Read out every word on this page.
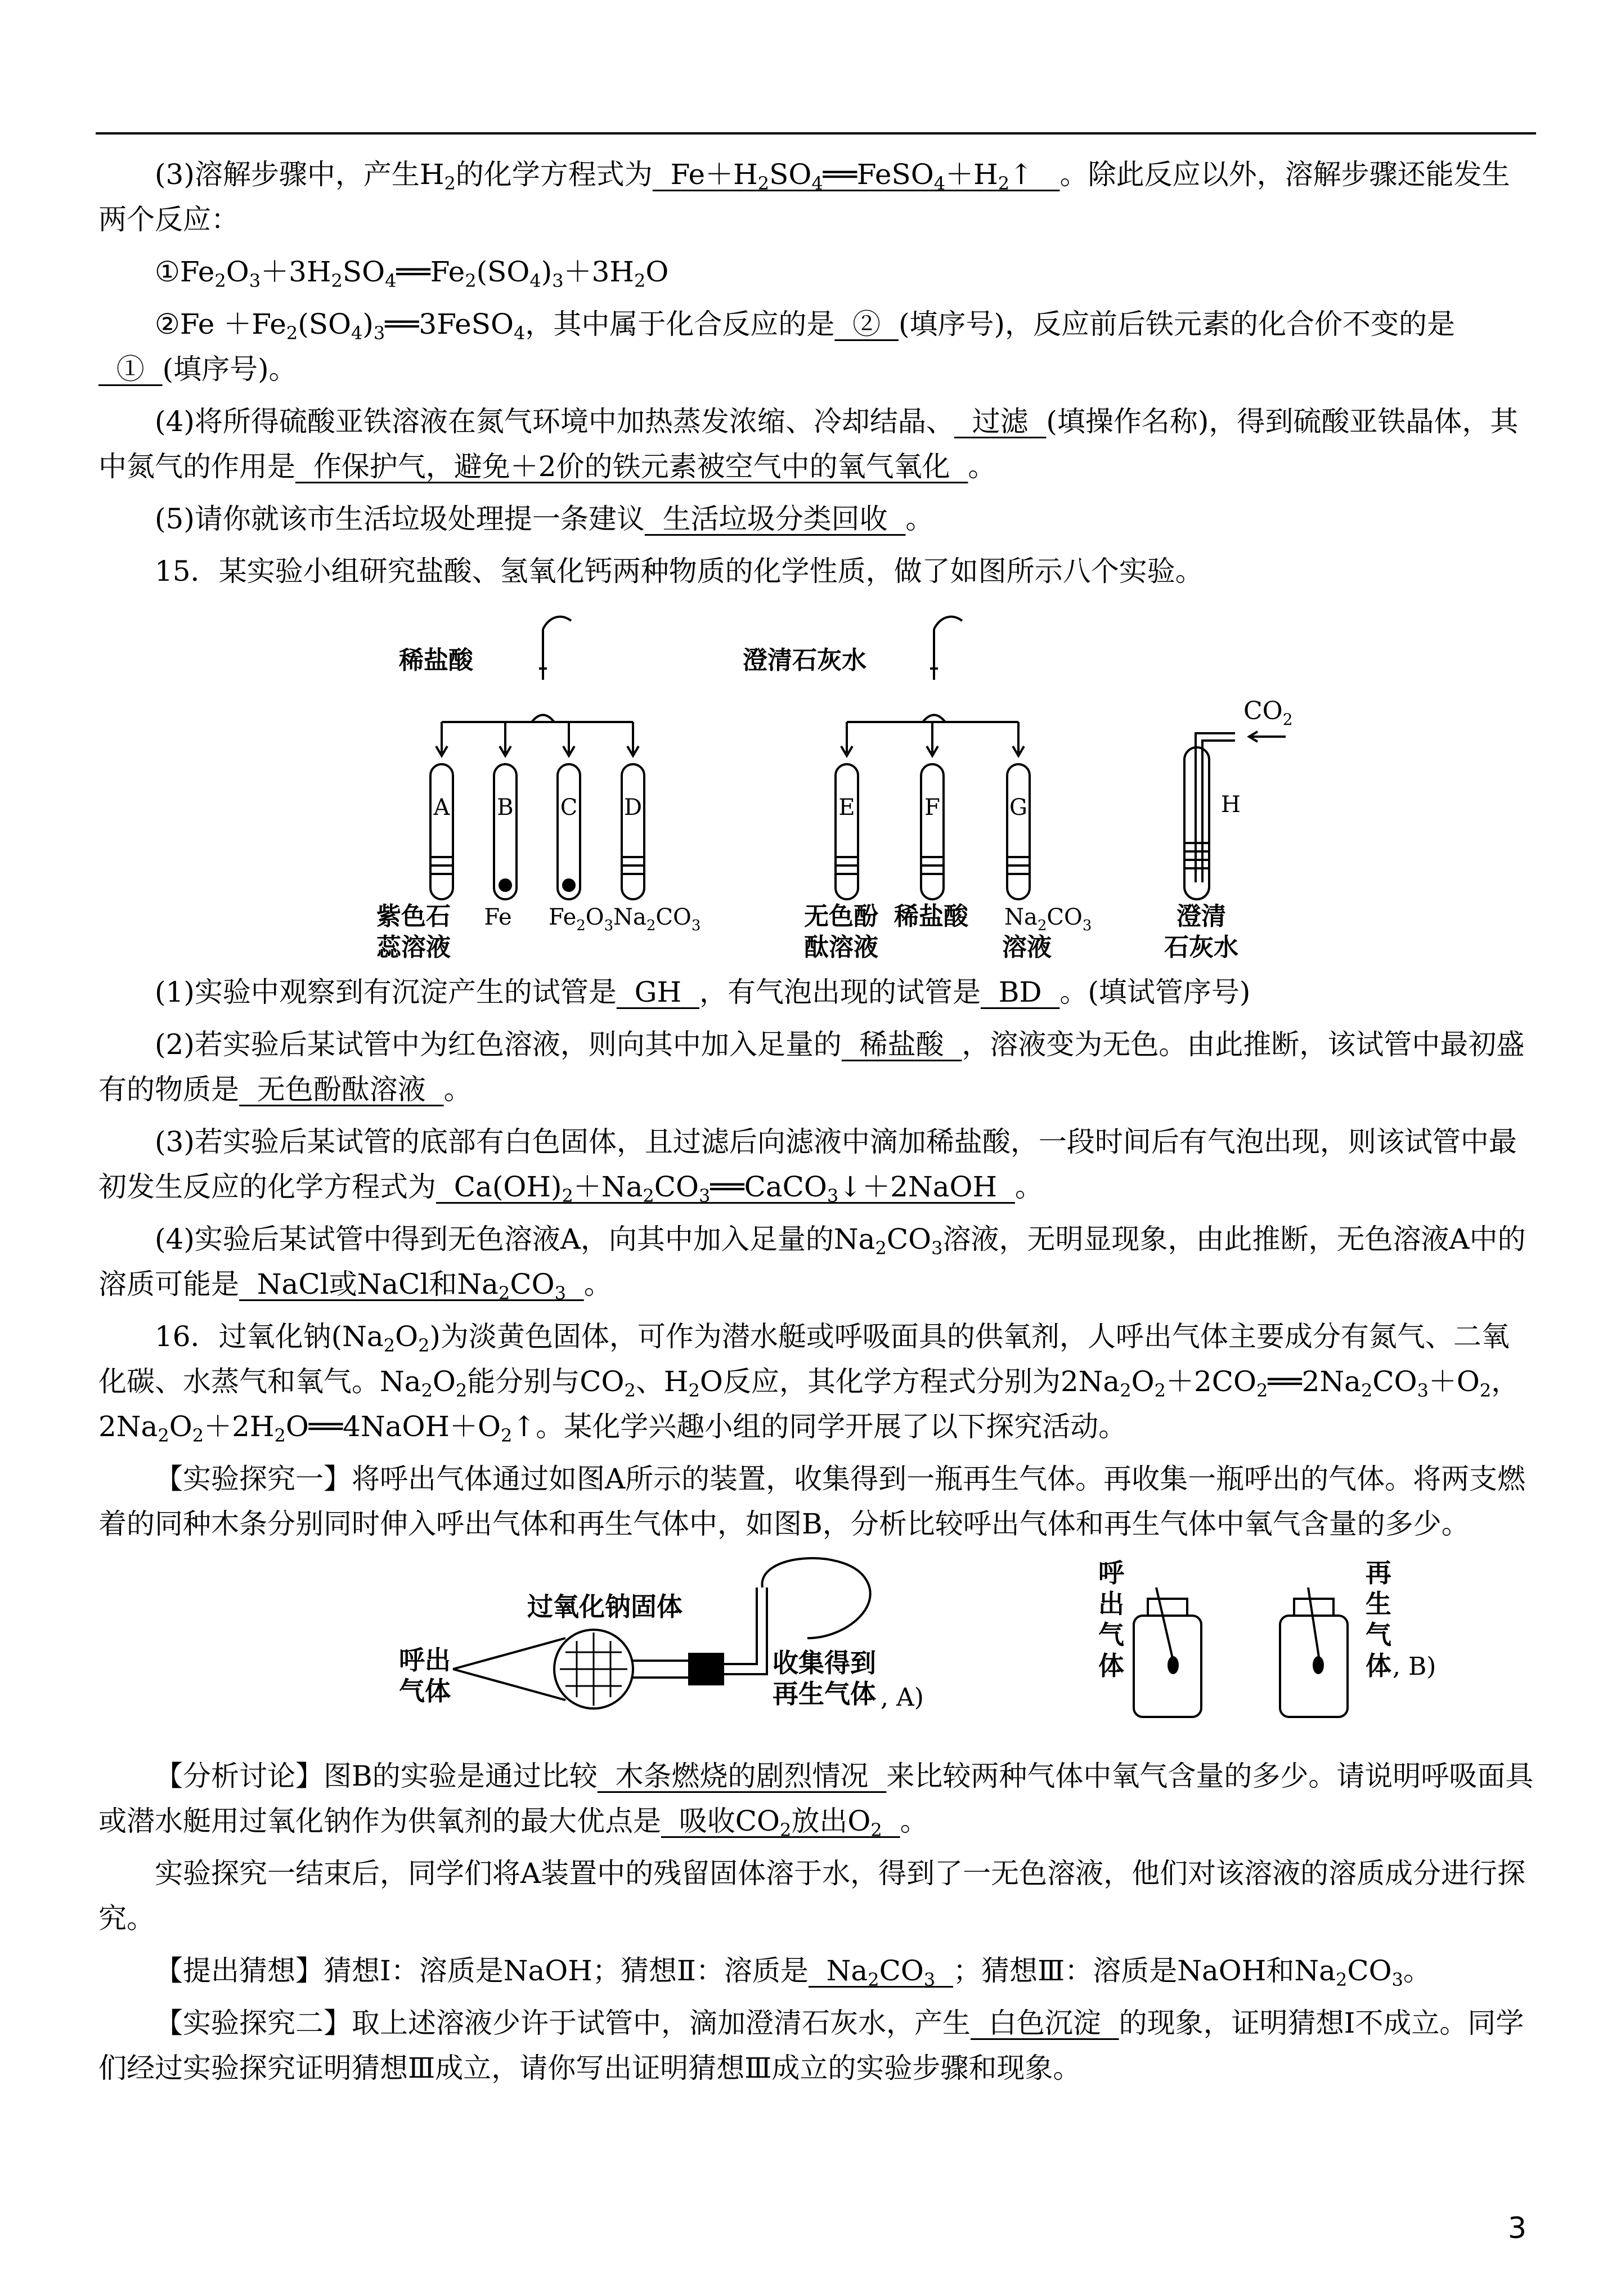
(3)溶解步骤中，产生$H_2$的化学方程式为  $Fe+H_2SO_4══FeSO_4+H_2↑$   。除此反应以外，溶解步骤还能发生两个反应：

$①Fe_2O_3+3H_2SO_4══Fe_2(SO_4)_3+3H_2O$

②Fe $+Fe_2(SO_4)_3══3FeSO_4$，其中属于化合反应的是  ②  (填序号)，反应前后铁元素的化合价不变的是  ①  (填序号)。

(4)将所得硫酸亚铁溶液在氮气环境中加热蒸发浓缩、冷却结晶、  过滤  (填操作名称)，得到硫酸亚铁晶体，其中氮气的作用是  作保护气，避免＋2价的铁元素被空气中的氧气氧化  。

(5)请你就该市生活垃圾处理提一条建议  生活垃圾分类回收  。

15．某实验小组研究盐酸、氢氧化钙两种物质的化学性质，做了如图所示八个实验。

稀盐酸	澄清石灰水
$CO_2$
A B C D	E	F	G	H
紫色石	无色酚 稀盐酸	澄清
Fe $Fe_2O_3$ $Na_2CO_3$	$Na_2CO_3$
蕊溶液	酞溶液	溶液	石灰水

(1)实验中观察到有沉淀产生的试管是  GH  ，有气泡出现的试管是  BD  。(填试管序号)

(2)若实验后某试管中为红色溶液，则向其中加入足量的  稀盐酸  ，溶液变为无色。由此推断，该试管中最初盛有的物质是  无色酚酞溶液  。

(3)若实验后某试管的底部有白色固体，且过滤后向滤液中滴加稀盐酸，一段时间后有气泡出现，则该试管中最初发生反应的化学方程式为  $Ca(OH)_2+Na_2CO_3══CaCO_3↓+2NaOH$  。

(4)实验后某试管中得到无色溶液A，向其中加入足量的$Na_2CO_3$溶液，无明显现象，由此推断，无色溶液A中的溶质可能是  NaCl或NaCl和$Na_2CO_3$ 。

16．过氧化钠$(Na_2O_2)$为淡黄色固体，可作为潜水艇或呼吸面具的供氧剂，人呼出气体主要成分有氮气、二氧化碳、水蒸气和氧气。$Na_2O_2$能分别与$CO_2$、$H_2O$反应，其化学方程式分别为$2Na_2O_2+2CO_2══2Na_2CO_3+O_2$，$2Na_2O_2+2H_2O══4NaOH+O_2↑$。某化学兴趣小组的同学开展了以下探究活动。

【实验探究一】将呼出气体通过如图A所示的装置，收集得到一瓶再生气体。再收集一瓶呼出的气体。将两支燃着的同种木条分别同时伸入呼出气体和再生气体中，如图B，分析比较呼出气体和再生气体中氧气含量的多少。

过氧化钠固体
呼出
气体
收集得到
再生气体
呼
出
气
体
再
生
气
体
, A)
, B)

【分析讨论】图B的实验是通过比较  木条燃烧的剧烈情况  来比较两种气体中氧气含量的多少。请说明呼吸面具或潜水艇用过氧化钠作为供氧剂的最大优点是  吸收$CO_2$放出$O_2$ 。

实验探究一结束后，同学们将A装置中的残留固体溶于水，得到了一无色溶液，他们对该溶液的溶质成分进行探究。

【提出猜想】猜想Ⅰ：溶质是NaOH；猜想Ⅱ：溶质是  $Na_2CO_3$ ；猜想Ⅲ：溶质是NaOH和$Na_2CO_3$。

【实验探究二】取上述溶液少许于试管中，滴加澄清石灰水，产生  白色沉淀  的现象，证明猜想Ⅰ不成立。同学们经过实验探究证明猜想Ⅲ成立，请你写出证明猜想Ⅲ成立的实验步骤和现象。

3
